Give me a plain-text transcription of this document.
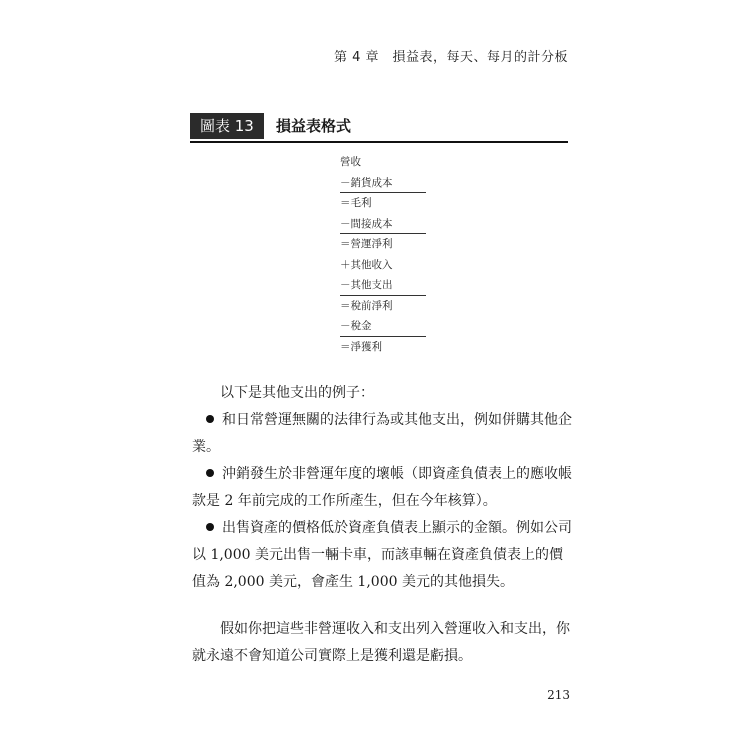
第 4 章　損益表，每天、每月的計分板
圖表 13	損益表格式
營收
－銷貨成本
＝毛利
－間接成本
＝營運淨利
＋其他收入
－其他支出
＝稅前淨利
－稅金
＝淨獲利

以下是其他支出的例子：

和日常營運無關的法律行為或其他支出，例如併購其他企業。

沖銷發生於非營運年度的壞帳（即資產負債表上的應收帳款是 2 年前完成的工作所產生，但在今年核算）。

出售資產的價格低於資產負債表上顯示的金額。例如公司以 1,000 美元出售一輛卡車，而該車輛在資產負債表上的價值為 2,000 美元，會產生 1,000 美元的其他損失。

假如你把這些非營運收入和支出列入營運收入和支出，你就永遠不會知道公司實際上是獲利還是虧損。

213
